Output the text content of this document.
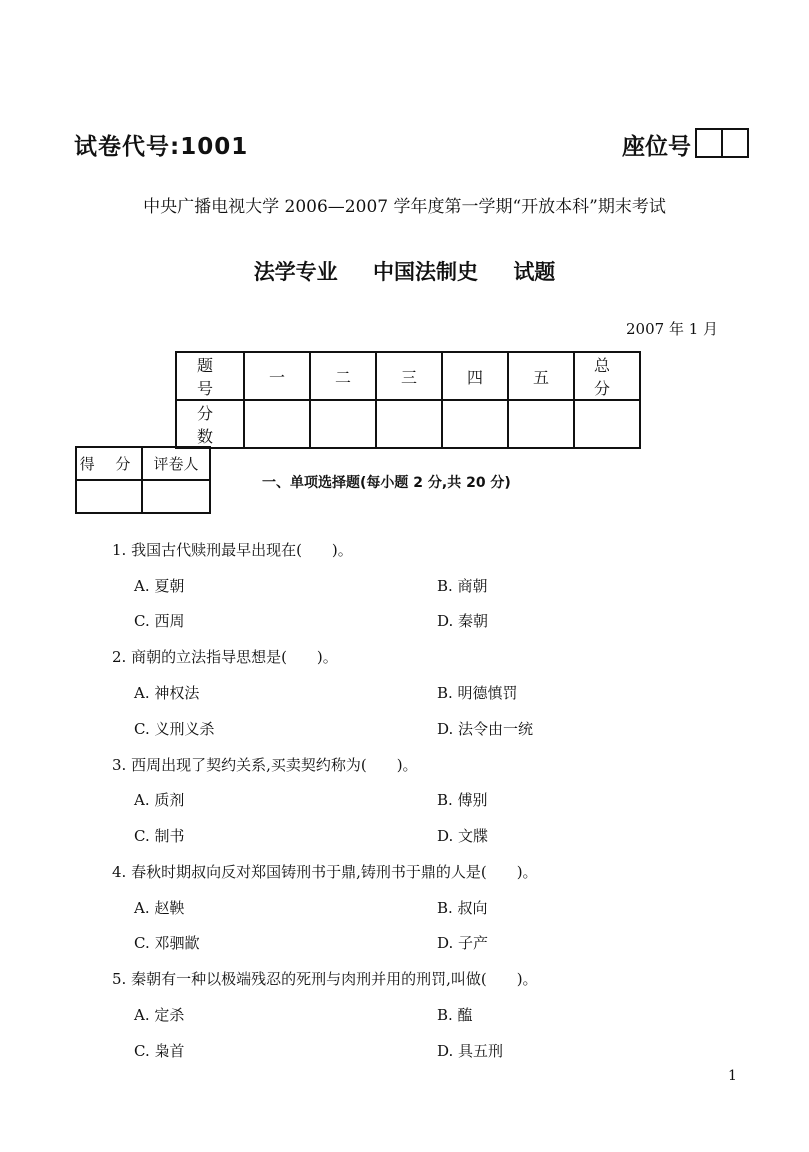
试卷代号:1001	座位号
中央广播电视大学 2006—2007 学年度第一学期“开放本科”期末考试
法学专业 中国法制史 试题
2007 年 1 月
题 号	一	二	三	四	五	总 分
分 数						
得 分	评卷人

一、单项选择题(每小题 2 分,共 20 分)
1. 我国古代赎刑最早出现在(　　)。
A. 夏朝	B. 商朝
C. 西周	D. 秦朝
2. 商朝的立法指导思想是(　　)。
A. 神权法	B. 明德慎罚
C. 义刑义杀	D. 法令由一统
3. 西周出现了契约关系,买卖契约称为(　　)。
A. 质剂	B. 傅别
C. 制书	D. 文牒
4. 春秋时期叔向反对郑国铸刑书于鼎,铸刑书于鼎的人是(　　)。
A. 赵鞅	B. 叔向
C. 邓驷歂	D. 子产
5. 秦朝有一种以极端残忍的死刑与肉刑并用的刑罚,叫做(　　)。
A. 定杀	B. 醢
C. 枭首	D. 具五刑
1
